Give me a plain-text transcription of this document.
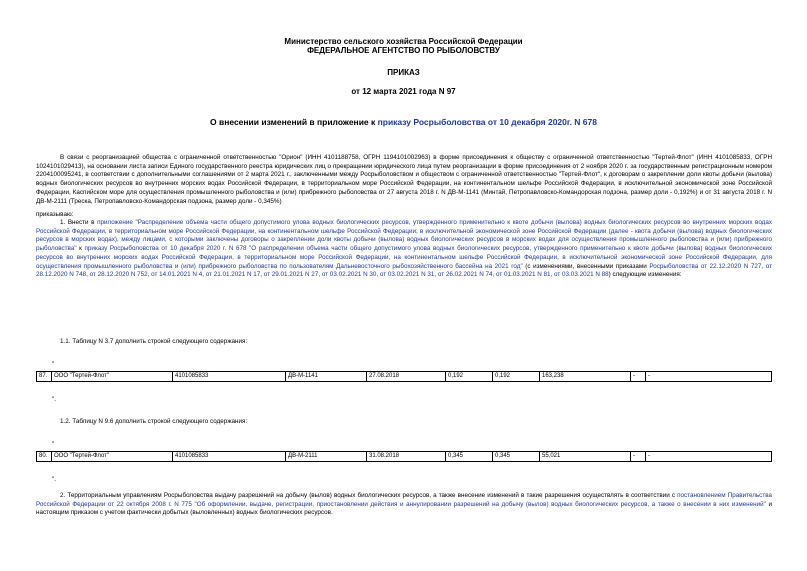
Министерство сельского хозяйства Российской Федерации
ФЕДЕРАЛЬНОЕ АГЕНТСТВО ПО РЫБОЛОВСТВУ
ПРИКАЗ
от 12 марта 2021 года N 97
О внесении изменений в приложение к приказу Росрыболовства от 10 декабря 2020г. N 678
В связи с реорганизацией общества с ограниченной ответственностью "Орион" (ИНН 4101188758, ОГРН 1194101002963) в форме присоединения к обществу с ограниченной ответственностью "Тертей-Флот" (ИНН 4101085833, ОГРН 1024101029413), на основании листа записи Единого государственного реестра юридических лиц о прекращении юридического лица путем реорганизации в форме присоединения от 2 ноября 2020 г. за государственным регистрационным номером 2204100095241, в соответствии с дополнительными соглашениями от 2 марта 2021 г., заключенными между Росрыболовством и обществом с ограниченной ответственностью "Тертей-Флот", к договорам о закреплении доли квоты добычи (вылова) водных биологических ресурсов во внутренних морских водах Российской Федерации, в территориальном море Российской Федерации, на континентальном шельфе Российской Федерации, в исключительной экономической зоне Российской Федерации, Каспийском море для осуществления промышленного рыболовства и (или) прибрежного рыболовства от 27 августа 2018 г. N ДВ-М-1141 (Минтай, Петропавловско-Командорская подзона, размер доли - 0,192%) и от 31 августа 2018 г. N ДВ-М-2111 (Треска, Петропавловско-Командорская подзона, размер доли - 0,345%)
приказываю:
1. Внести в приложение "Распределение объема части общего допустимого улова водных биологических ресурсов, утвержденного применительно к квоте добычи (вылова) водных биологических ресурсов во внутренних морских водах Российской Федерации, в территориальном море Российской Федерации, на континентальном шельфе Российской Федерации, в исключительной экономической зоне Российской Федерации (далее - квота добычи (вылова) водных биологических ресурсов в морских водах), между лицами, с которыми заключены договоры о закреплении доли квоты добычи (вылова) водных биологических ресурсов в морских водах для осуществления промышленного рыболовства и (или) прибрежного рыболовства" к приказу Росрыболовства от 10 декабря 2020 г. N 678 "О распределении объема части общего допустимого улова водных биологических ресурсов, утвержденного применительно к квоте добычи (вылова) водных биологических ресурсов во внутренних морских водах Российской Федерации, в территориальном море Российской Федерации, на континентальном шельфе Российской Федерации, в исключительной экономической зоне Российской Федерации, для осуществления промышленного рыболовства и (или) прибрежного рыболовства по пользователям Дальневосточного рыбохозяйственного бассейна на 2021 год" (с изменениями, внесенными приказами Росрыболовства от 22.12.2020 N 727, от 28.12.2020 N 748, от 28.12.2020 N 752, от 14.01.2021 N 4, от 21.01.2021 N 17, от 29.01.2021 N 27, от 03.02.2021 N 30, от 03.02.2021 N 31, от 26.02.2021 N 74, от 01.03.2021 N 81, от 03.03.2021 N 88) следующие изменения:
1.1. Таблицу N 3.7 дополнить строкой следующего содержания:
"
87.	ООО "Тертей-Флот"	4101085833	ДВ-М-1141	27.08.2018	0,192	0,192	163,238	-	-
".
1.2. Таблицу N 9.6 дополнить строкой следующего содержания:
"
80.	ООО "Тертей-Флот"	4101085833	ДВ-М-2111	31.08.2018	0,345	0,345	55,021	-	-
".
2. Территориальным управлениям Росрыболовства выдачу разрешений на добычу (вылов) водных биологических ресурсов, а также внесение изменений в такие разрешения осуществлять в соответствии с постановлением Правительства Российской Федерации от 22 октября 2008 г. N 775 "Об оформлении, выдаче, регистрации, приостановлении действия и аннулировании разрешений на добычу (вылов) водных биологических ресурсов, а также о внесении в них изменений" и настоящим приказом с учетом фактически добытых (выловленных) водных биологических ресурсов.
